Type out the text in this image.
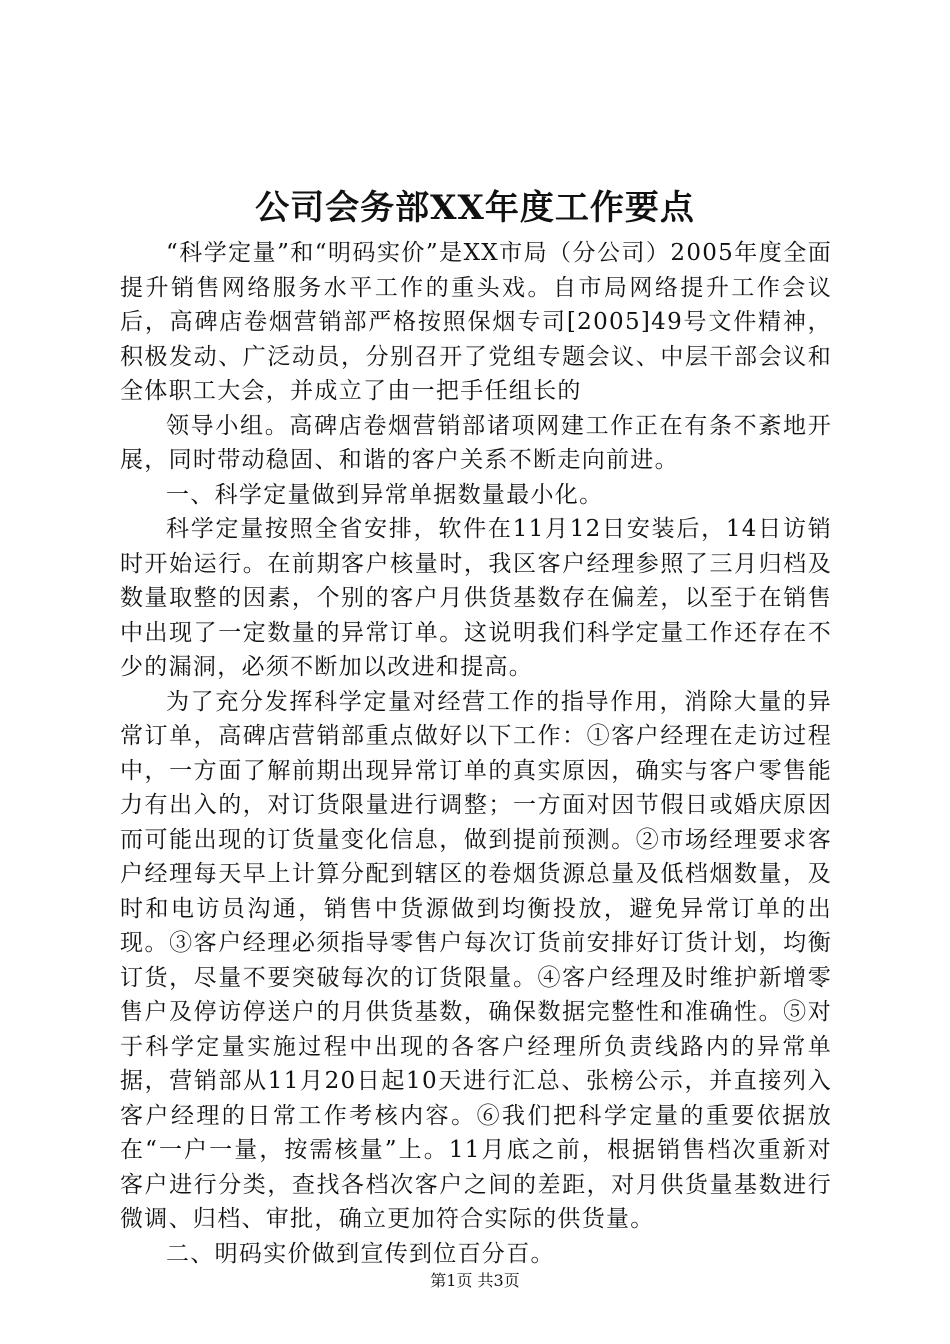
公司会务部XX年度工作要点

“科学定量”和“明码实价”是XX市局（分公司）2005年度全面提升销售网络服务水平工作的重头戏。自市局网络提升工作会议后，高碑店卷烟营销部严格按照保烟专司[2005]49号文件精神，积极发动、广泛动员，分别召开了党组专题会议、中层干部会议和全体职工大会，并成立了由一把手任组长的

领导小组。高碑店卷烟营销部诸项网建工作正在有条不紊地开展，同时带动稳固、和谐的客户关系不断走向前进。

一、科学定量做到异常单据数量最小化。

科学定量按照全省安排，软件在11月12日安装后，14日访销时开始运行。在前期客户核量时，我区客户经理参照了三月归档及数量取整的因素，个别的客户月供货基数存在偏差，以至于在销售中出现了一定数量的异常订单。这说明我们科学定量工作还存在不少的漏洞，必须不断加以改进和提高。

为了充分发挥科学定量对经营工作的指导作用，消除大量的异常订单，高碑店营销部重点做好以下工作：①客户经理在走访过程中，一方面了解前期出现异常订单的真实原因，确实与客户零售能力有出入的，对订货限量进行调整；一方面对因节假日或婚庆原因而可能出现的订货量变化信息，做到提前预测。②市场经理要求客户经理每天早上计算分配到辖区的卷烟货源总量及低档烟数量，及时和电访员沟通，销售中货源做到均衡投放，避免异常订单的出现。③客户经理必须指导零售户每次订货前安排好订货计划，均衡订货，尽量不要突破每次的订货限量。④客户经理及时维护新增零售户及停访停送户的月供货基数，确保数据完整性和准确性。⑤对于科学定量实施过程中出现的各客户经理所负责线路内的异常单据，营销部从11月20日起10天进行汇总、张榜公示，并直接列入客户经理的日常工作考核内容。⑥我们把科学定量的重要依据放在“一户一量，按需核量”上。11月底之前，根据销售档次重新对客户进行分类，查找各档次客户之间的差距，对月供货量基数进行微调、归档、审批，确立更加符合实际的供货量。

二、明码实价做到宣传到位百分百。

第1页 共3页
